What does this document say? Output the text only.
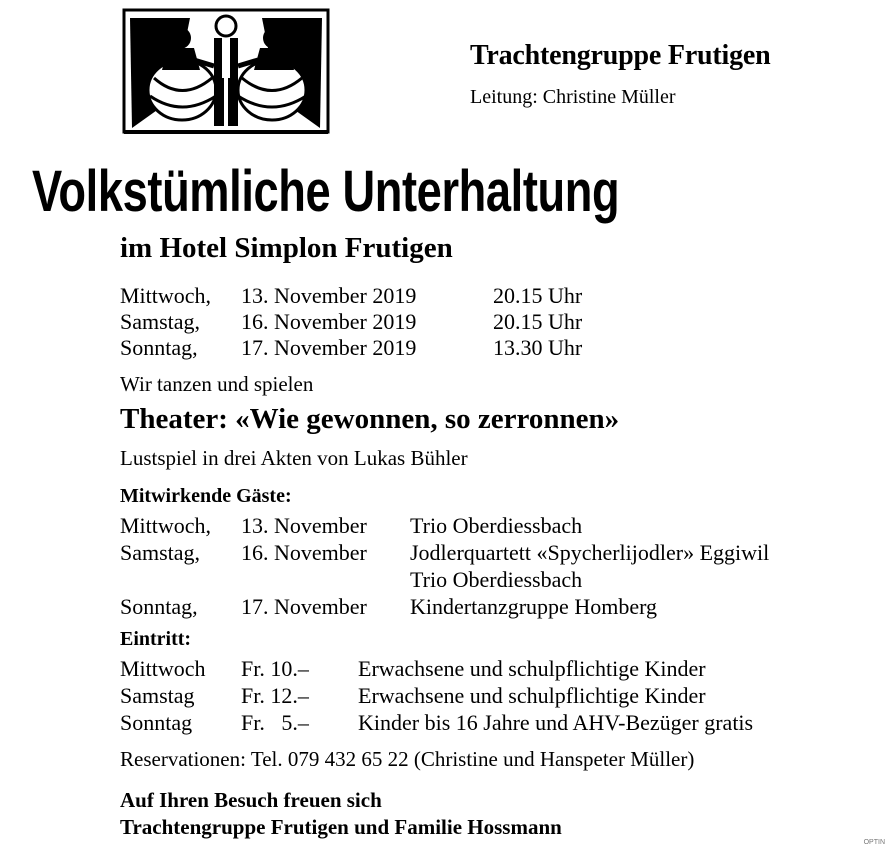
Trachtengruppe Frutigen
Leitung: Christine Müller
Volkstümliche Unterhaltung
im Hotel Simplon Frutigen
Mittwoch, 13. November 2019	20.15 Uhr
Samstag, 16. November 2019	20.15 Uhr
Sonntag, 17. November 2019	13.30 Uhr
Wir tanzen und spielen
Theater: «Wie gewonnen, so zerronnen»
Lustspiel in drei Akten von Lukas Bühler
Mitwirkende Gäste:
Mittwoch, 13. November Trio Oberdiessbach
Samstag, 16. November Jodlerquartett «Spycherlijodler» Eggiwil
Trio Oberdiessbach
Sonntag, 17. November Kindertanzgruppe Homberg
Eintritt:
Mittwoch Fr. 10.– Erwachsene und schulpflichtige Kinder
Samstag Fr. 12.– Erwachsene und schulpflichtige Kinder
Sonntag Fr.   5.– Kinder bis 16 Jahre und AHV-Bezüger gratis
Reservationen: Tel. 079 432 65 22 (Christine und Hanspeter Müller)
Auf Ihren Besuch freuen sich
Trachtengruppe Frutigen und Familie Hossmann
OPTIN
